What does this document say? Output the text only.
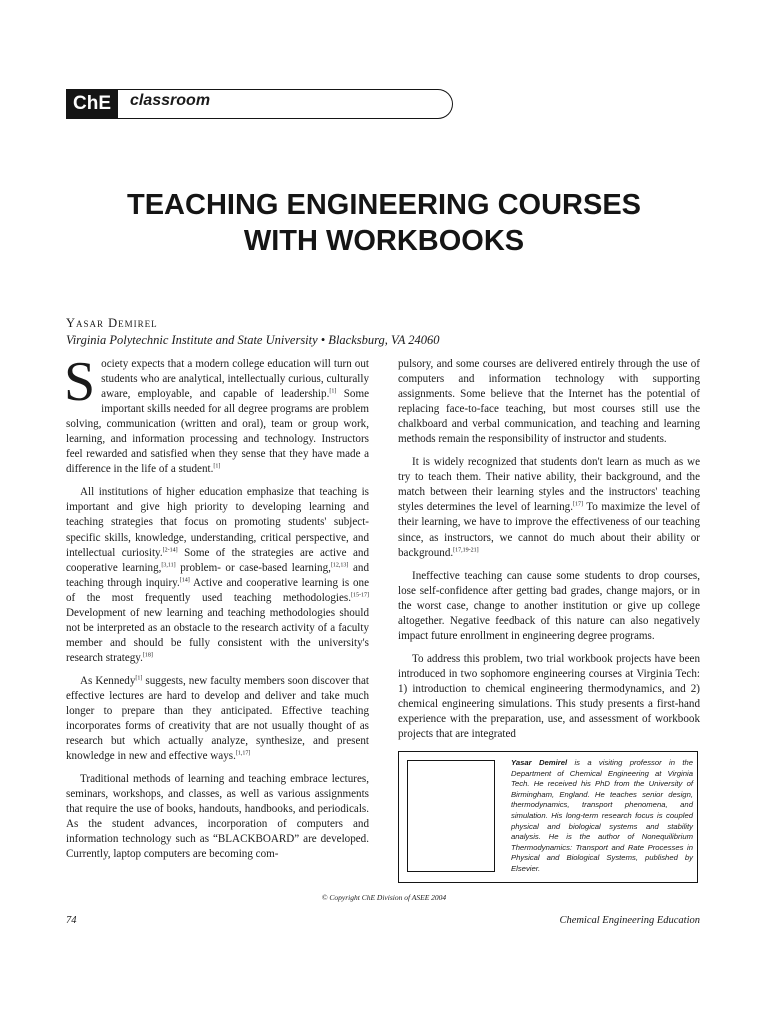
ChE	classroom
TEACHING ENGINEERING COURSES
WITH WORKBOOKS
Yasar Demirel
Virginia Polytechnic Institute and State University • Blacksburg, VA 24060

Society expects that a modern college education will turn out students who are analytical, intellectually curious, culturally aware, employable, and capable of leadership.[1] Some important skills needed for all degree programs are problem solving, communication (written and oral), team or group work, learning, and information processing and technology. Instructors feel rewarded and satisfied when they sense that they have made a difference in the life of a student.[1]

All institutions of higher education emphasize that teaching is important and give high priority to developing learning and teaching strategies that focus on promoting students' subject-specific skills, knowledge, understanding, critical perspective, and intellectual curiosity.[2-14] Some of the strategies are active and cooperative learning,[3,11] problem- or case-based learning,[12,13] and teaching through inquiry.[14] Active and cooperative learning is one of the most frequently used teaching methodologies.[15-17] Development of new learning and teaching methodologies should not be interpreted as an obstacle to the research activity of a faculty member and should be fully consistent with the university's research strategy.[18]

As Kennedy[1] suggests, new faculty members soon discover that effective lectures are hard to develop and deliver and take much longer to prepare than they anticipated. Effective teaching incorporates forms of creativity that are not usually thought of as research but which actually analyze, synthesize, and present knowledge in new and effective ways.[1,17]

Traditional methods of learning and teaching embrace lectures, seminars, workshops, and classes, as well as various assignments that require the use of books, handouts, handbooks, and periodicals. As the student advances, incorporation of computers and information technology such as “BLACKBOARD” are developed. Currently, laptop computers are becoming com-

pulsory, and some courses are delivered entirely through the use of computers and information technology with supporting assignments. Some believe that the Internet has the potential of replacing face-to-face teaching, but most courses still use the chalkboard and verbal communication, and teaching and learning methods remain the responsibility of instructor and students.

It is widely recognized that students don't learn as much as we try to teach them. Their native ability, their background, and the match between their learning styles and the instructors' teaching styles determines the level of learning.[17] To maximize the level of their learning, we have to improve the effectiveness of our teaching since, as instructors, we cannot do much about their ability or background.[17,19-21]

Ineffective teaching can cause some students to drop courses, lose self-confidence after getting bad grades, change majors, or in the worst case, change to another institution or give up college altogether. Negative feedback of this nature can also negatively impact future enrollment in engineering degree programs.

To address this problem, two trial workbook projects have been introduced in two sophomore engineering courses at Virginia Tech: 1) introduction to chemical engineering thermodynamics, and 2) chemical engineering simulations. This study presents a first-hand experience with the preparation, use, and assessment of workbook projects that are integrated

Yasar Demirel is a visiting professor in the Department of Chemical Engineering at Virginia Tech. He received his PhD from the University of Birmingham, England. He teaches senior design, thermodynamics, transport phenomena, and simulation. His long-term research focus is coupled physical and biological systems and stability analysis. He is the author of Nonequilibrium Thermodynamics: Transport and Rate Processes in Physical and Biological Systems, published by Elsevier.
© Copyright ChE Division of ASEE 2004
74	Chemical Engineering Education
